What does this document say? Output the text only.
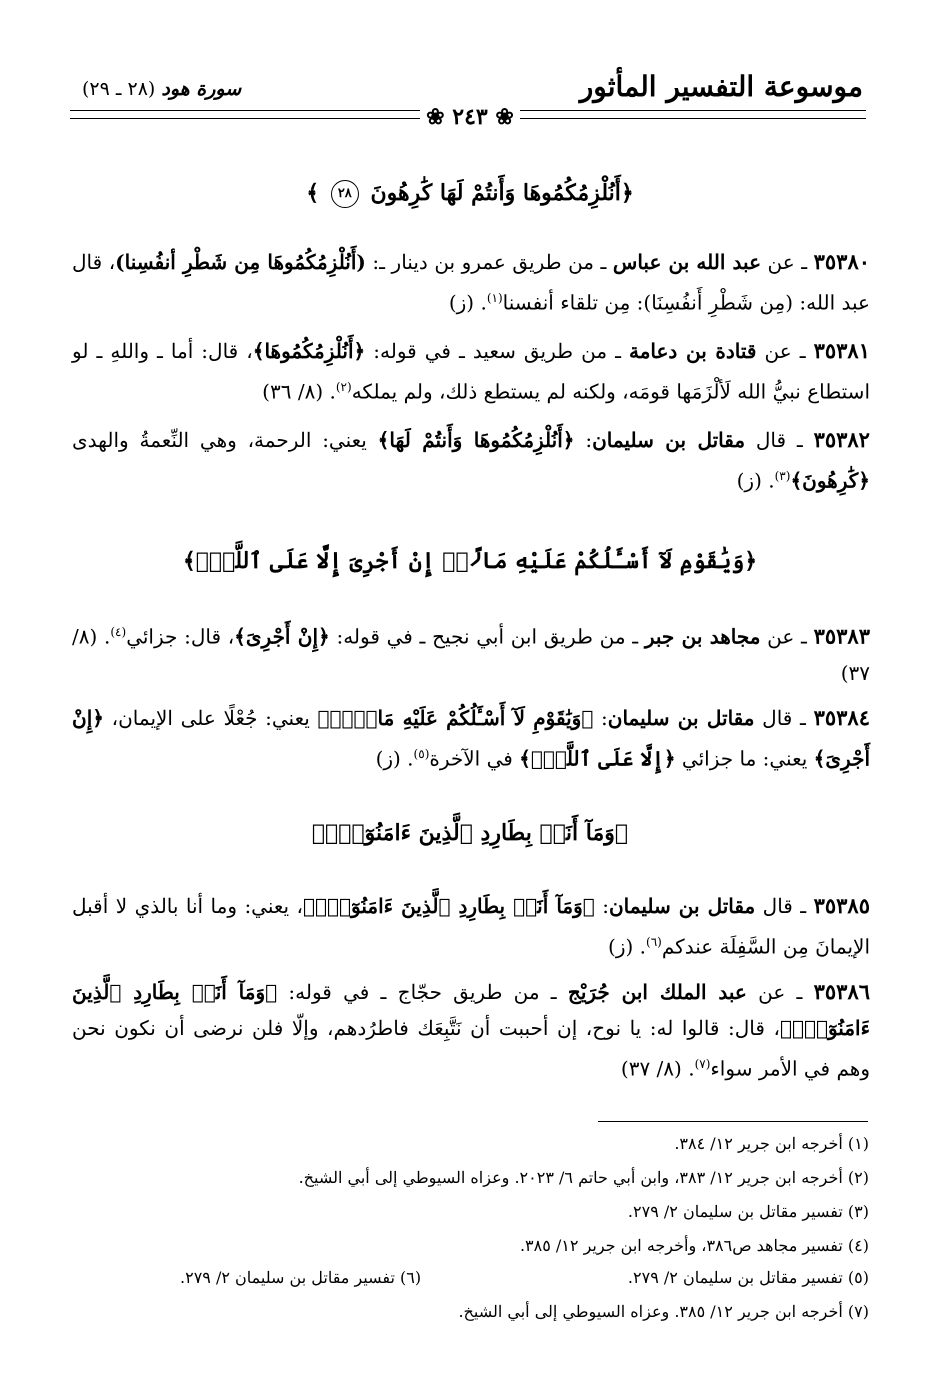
موسوعة التفسير المأثور
سورة هود (٢٨ ـ ٢٩)
❀ ٢٤٣ ❀
﴿أَنُلْزِمُكُمُوهَا وَأَنتُمْ لَهَا كَٰرِهُونَ ٢٨ ﴾
٣٥٣٨٠ ـ عن عبد الله بن عباس ـ من طريق عمرو بن دينار ـ: (أَنُلْزِمُكُمُوهَا مِن شَطْرِ أنفُسِنا)، قال عبد الله: (مِن شَطْرِ أَنفُسِنَا): مِن تلقاء أنفسنا$^{(١)}$. (ز)
٣٥٣٨١ ـ عن قتادة بن دعامة ـ من طريق سعيد ـ في قوله: ﴿أَنُلْزِمُكُمُوهَا﴾، قال: أما ـ واللهِ ـ لو استطاع نبيُّ الله لَألْزَمَها قومَه، ولكنه لم يستطع ذلك، ولم يملكه$^{(٢)}$. (٨/ ٣٦)
٣٥٣٨٢ ـ قال مقاتل بن سليمان: ﴿أَنُلْزِمُكُمُوهَا وَأَنتُمْ لَهَا﴾ يعني: الرحمة، وهي النِّعمةُ والهدى ﴿كَٰرِهُونَ﴾$^{(٣)}$. (ز)
﴿وَيَٰقَوْمِ لَآ أَسْـَٔلُكُمْ عَلَيْهِ مَالًاۖ إِنْ أَجْرِىَ إِلَّا عَلَى ٱللَّهِۚ﴾
٣٥٣٨٣ ـ عن مجاهد بن جبر ـ من طريق ابن أبي نجيح ـ في قوله: ﴿إِنْ أَجْرِىَ﴾، قال: جزائي$^{(٤)}$. (٨/ ٣٧)
٣٥٣٨٤ ـ قال مقاتل بن سليمان: ﴿وَيَٰقَوْمِ لَآ أَسْـَٔلُكُمْ عَلَيْهِ مَالًاۖ﴾ يعني: جُعْلًا على الإيمان، ﴿إِنْ أَجْرِىَ﴾ يعني: ما جزائي ﴿إِلَّا عَلَى ٱللَّهِۚ﴾ في الآخرة$^{(٥)}$. (ز)
﴿وَمَآ أَنَا۠ بِطَارِدِ ٱلَّذِينَ ءَامَنُوٓاْۚ﴾
٣٥٣٨٥ ـ قال مقاتل بن سليمان: ﴿وَمَآ أَنَا۠ بِطَارِدِ ٱلَّذِينَ ءَامَنُوٓاْۚ﴾، يعني: وما أنا بالذي لا أقبل الإيمانَ مِن السَّفِلَة عندكم$^{(٦)}$. (ز)
٣٥٣٨٦ ـ عن عبد الملك ابن جُرَيْج ـ من طريق حجّاج ـ في قوله: ﴿وَمَآ أَنَا۠ بِطَارِدِ ٱلَّذِينَ ءَامَنُوٓاْۚ﴾، قال: قالوا له: يا نوح، إن أحببت أن نَتَّبِعَك فاطرُدهم، وإلّا فلن نرضى أن نكون نحن وهم في الأمر سواء$^{(٧)}$. (٨/ ٣٧)
(١) أخرجه ابن جرير ١٢/ ٣٨٤.
(٢) أخرجه ابن جرير ١٢/ ٣٨٣، وابن أبي حاتم ٦/ ٢٠٢٣. وعزاه السيوطي إلى أبي الشيخ.
(٣) تفسير مقاتل بن سليمان ٢/ ٢٧٩.
(٤) تفسير مجاهد ص٣٨٦، وأخرجه ابن جرير ١٢/ ٣٨٥.
(٥) تفسير مقاتل بن سليمان ٢/ ٢٧٩.
(٦) تفسير مقاتل بن سليمان ٢/ ٢٧٩.
(٧) أخرجه ابن جرير ١٢/ ٣٨٥. وعزاه السيوطي إلى أبي الشيخ.
